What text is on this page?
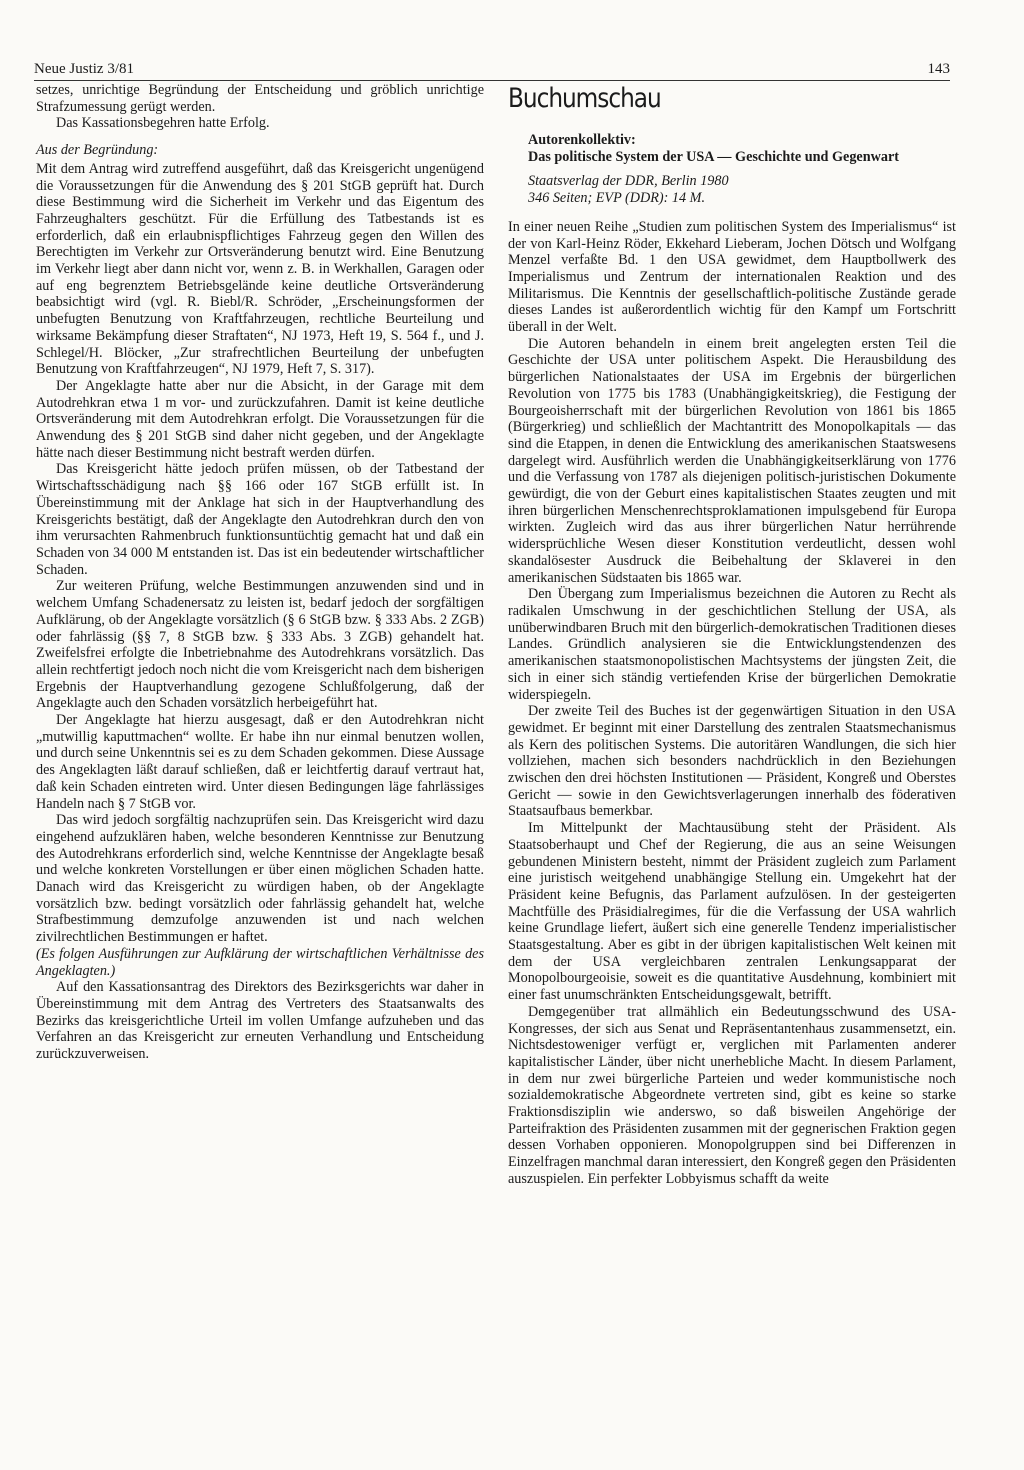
Neue Justiz 3/81	143

setzes, unrichtige Begründung der Entscheidung und gröblich unrichtige Strafzumessung gerügt werden.

Das Kassationsbegehren hatte Erfolg.

Aus der Begründung:

Mit dem Antrag wird zutreffend ausgeführt, daß das Kreisgericht ungenügend die Voraussetzungen für die Anwendung des § 201 StGB geprüft hat. Durch diese Bestimmung wird die Sicherheit im Verkehr und das Eigentum des Fahrzeughalters geschützt. Für die Erfüllung des Tatbestands ist es erforderlich, daß ein erlaubnispflichtiges Fahrzeug gegen den Willen des Berechtigten im Verkehr zur Ortsveränderung benutzt wird. Eine Benutzung im Verkehr liegt aber dann nicht vor, wenn z. B. in Werkhallen, Garagen oder auf eng begrenztem Betriebsgelände keine deutliche Ortsveränderung beabsichtigt wird (vgl. R. Biebl/R. Schröder, „Erscheinungsformen der unbefugten Benutzung von Kraftfahrzeugen, rechtliche Beurteilung und wirksame Bekämpfung dieser Straftaten“, NJ 1973, Heft 19, S. 564 f., und J. Schlegel/H. Blöcker, „Zur strafrechtlichen Beurteilung der unbefugten Benutzung von Kraftfahrzeugen“, NJ 1979, Heft 7, S. 317).

Der Angeklagte hatte aber nur die Absicht, in der Garage mit dem Autodrehkran etwa 1 m vor- und zurückzufahren. Damit ist keine deutliche Ortsveränderung mit dem Autodrehkran erfolgt. Die Voraussetzungen für die Anwendung des § 201 StGB sind daher nicht gegeben, und der Angeklagte hätte nach dieser Bestimmung nicht bestraft werden dürfen.

Das Kreisgericht hätte jedoch prüfen müssen, ob der Tatbestand der Wirtschaftsschädigung nach §§ 166 oder 167 StGB erfüllt ist. In Übereinstimmung mit der Anklage hat sich in der Hauptverhandlung des Kreisgerichts bestätigt, daß der Angeklagte den Autodrehkran durch den von ihm verursachten Rahmenbruch funktionsuntüchtig gemacht hat und daß ein Schaden von 34 000 M entstanden ist. Das ist ein bedeutender wirtschaftlicher Schaden.

Zur weiteren Prüfung, welche Bestimmungen anzuwenden sind und in welchem Umfang Schadenersatz zu leisten ist, bedarf jedoch der sorgfältigen Aufklärung, ob der Angeklagte vorsätzlich (§ 6 StGB bzw. § 333 Abs. 2 ZGB) oder fahrlässig (§§ 7, 8 StGB bzw. § 333 Abs. 3 ZGB) gehandelt hat. Zweifelsfrei erfolgte die Inbetriebnahme des Autodrehkrans vorsätzlich. Das allein rechtfertigt jedoch noch nicht die vom Kreisgericht nach dem bisherigen Ergebnis der Hauptverhandlung gezogene Schlußfolgerung, daß der Angeklagte auch den Schaden vorsätzlich herbeigeführt hat.

Der Angeklagte hat hierzu ausgesagt, daß er den Autodrehkran nicht „mutwillig kaputtmachen“ wollte. Er habe ihn nur einmal benutzen wollen, und durch seine Unkenntnis sei es zu dem Schaden gekommen. Diese Aussage des Angeklagten läßt darauf schließen, daß er leichtfertig darauf vertraut hat, daß kein Schaden eintreten wird. Unter diesen Bedingungen läge fahrlässiges Handeln nach § 7 StGB vor.

Das wird jedoch sorgfältig nachzuprüfen sein. Das Kreisgericht wird dazu eingehend aufzuklären haben, welche besonderen Kenntnisse zur Benutzung des Autodrehkrans erforderlich sind, welche Kenntnisse der Angeklagte besaß und welche konkreten Vorstellungen er über einen möglichen Schaden hatte. Danach wird das Kreisgericht zu würdigen haben, ob der Angeklagte vorsätzlich bzw. bedingt vorsätzlich oder fahrlässig gehandelt hat, welche Strafbestimmung demzufolge anzuwenden ist und nach welchen zivilrechtlichen Bestimmungen er haftet.

(Es folgen Ausführungen zur Aufklärung der wirtschaftlichen Verhältnisse des Angeklagten.)

Auf den Kassationsantrag des Direktors des Bezirksgerichts war daher in Übereinstimmung mit dem Antrag des Vertreters des Staatsanwalts des Bezirks das kreisgerichtliche Urteil im vollen Umfange aufzuheben und das Verfahren an das Kreisgericht zur erneuten Verhandlung und Entscheidung zurückzuverweisen.

Buchumschau

Autorenkollektiv:

Das politische System der USA — Geschichte und Gegenwart

Staatsverlag der DDR, Berlin 1980

346 Seiten; EVP (DDR): 14 M.

In einer neuen Reihe „Studien zum politischen System des Imperialismus“ ist der von Karl-Heinz Röder, Ekkehard Lieberam, Jochen Dötsch und Wolfgang Menzel verfaßte Bd. 1 den USA gewidmet, dem Hauptbollwerk des Imperialismus und Zentrum der internationalen Reaktion und des Militarismus. Die Kenntnis der gesellschaftlich-politische Zustände gerade dieses Landes ist außerordentlich wichtig für den Kampf um Fortschritt überall in der Welt.

Die Autoren behandeln in einem breit angelegten ersten Teil die Geschichte der USA unter politischem Aspekt. Die Herausbildung des bürgerlichen Nationalstaates der USA im Ergebnis der bürgerlichen Revolution von 1775 bis 1783 (Unabhängigkeitskrieg), die Festigung der Bourgeoisherrschaft mit der bürgerlichen Revolution von 1861 bis 1865 (Bürgerkrieg) und schließlich der Machtantritt des Monopolkapitals — das sind die Etappen, in denen die Entwicklung des amerikanischen Staatswesens dargelegt wird. Ausführlich werden die Unabhängigkeitserklärung von 1776 und die Verfassung von 1787 als diejenigen politisch-juristischen Dokumente gewürdigt, die von der Geburt eines kapitalistischen Staates zeugten und mit ihren bürgerlichen Menschenrechtsproklamationen impulsgebend für Europa wirkten. Zugleich wird das aus ihrer bürgerlichen Natur herrührende widersprüchliche Wesen dieser Konstitution verdeutlicht, dessen wohl skandalösester Ausdruck die Beibehaltung der Sklaverei in den amerikanischen Südstaaten bis 1865 war.

Den Übergang zum Imperialismus bezeichnen die Autoren zu Recht als radikalen Umschwung in der geschichtlichen Stellung der USA, als unüberwindbaren Bruch mit den bürgerlich-demokratischen Traditionen dieses Landes. Gründlich analysieren sie die Entwicklungstendenzen des amerikanischen staatsmonopolistischen Machtsystems der jüngsten Zeit, die sich in einer sich ständig vertiefenden Krise der bürgerlichen Demokratie widerspiegeln.

Der zweite Teil des Buches ist der gegenwärtigen Situation in den USA gewidmet. Er beginnt mit einer Darstellung des zentralen Staatsmechanismus als Kern des politischen Systems. Die autoritären Wandlungen, die sich hier vollziehen, machen sich besonders nachdrücklich in den Beziehungen zwischen den drei höchsten Institutionen — Präsident, Kongreß und Oberstes Gericht — sowie in den Gewichtsverlagerungen innerhalb des föderativen Staatsaufbaus bemerkbar.

Im Mittelpunkt der Machtausübung steht der Präsident. Als Staatsoberhaupt und Chef der Regierung, die aus an seine Weisungen gebundenen Ministern besteht, nimmt der Präsident zugleich zum Parlament eine juristisch weitgehend unabhängige Stellung ein. Umgekehrt hat der Präsident keine Befugnis, das Parlament aufzulösen. In der gesteigerten Machtfülle des Präsidialregimes, für die die Verfassung der USA wahrlich keine Grundlage liefert, äußert sich eine generelle Tendenz imperialistischer Staatsgestaltung. Aber es gibt in der übrigen kapitalistischen Welt keinen mit dem der USA vergleichbaren zentralen Lenkungsapparat der Monopolbourgeoisie, soweit es die quantitative Ausdehnung, kombiniert mit einer fast unumschränkten Entscheidungsgewalt, betrifft.

Demgegenüber trat allmählich ein Bedeutungsschwund des USA-Kongresses, der sich aus Senat und Repräsentantenhaus zusammensetzt, ein. Nichtsdestoweniger verfügt er, verglichen mit Parlamenten anderer kapitalistischer Länder, über nicht unerhebliche Macht. In diesem Parlament, in dem nur zwei bürgerliche Parteien und weder kommunistische noch sozialdemokratische Abgeordnete vertreten sind, gibt es keine so starke Fraktionsdisziplin wie anderswo, so daß bisweilen Angehörige der Parteifraktion des Präsidenten zusammen mit der gegnerischen Fraktion gegen dessen Vorhaben opponieren. Monopolgruppen sind bei Differenzen in Einzelfragen manchmal daran interessiert, den Kongreß gegen den Präsidenten auszuspielen. Ein perfekter Lobbyismus schafft da weite
